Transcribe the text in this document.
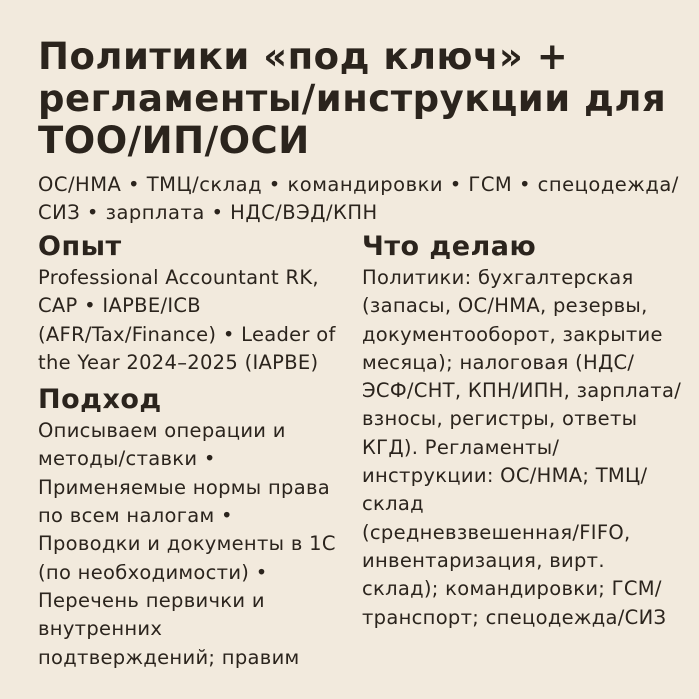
Политики «под ключ» + регламенты/инструкции для ТОО/ИП/ОСИ
ОС/НМА • ТМЦ/склад • командировки • ГСМ • спецодежда/СИЗ • зарплата • НДС/ВЭД/КПН
Опыт

Professional Accountant RK, CAP • IAPBE/ICB (AFR/Tax/Finance) • Leader of the Year 2024–2025 (IAPBE)

Подход

Описываем операции и методы/ставки • Применяемые нормы права по всем налогам • Проводки и документы в 1С (по необходимости) • Перечень первички и внутренних подтверждений; правим

Что делаю

Политики: бухгалтерская (запасы, ОС/НМА, резервы, документооборот, закрытие месяца); налоговая (НДС/ЭСФ/СНТ, КПН/ИПН, зарплата/взносы, регистры, ответы КГД). Регламенты/инструкции: ОС/НМА; ТМЦ/склад (средневзвешенная/FIFO, инвентаризация, вирт. склад); командировки; ГСМ/транспорт; спецодежда/СИЗ
